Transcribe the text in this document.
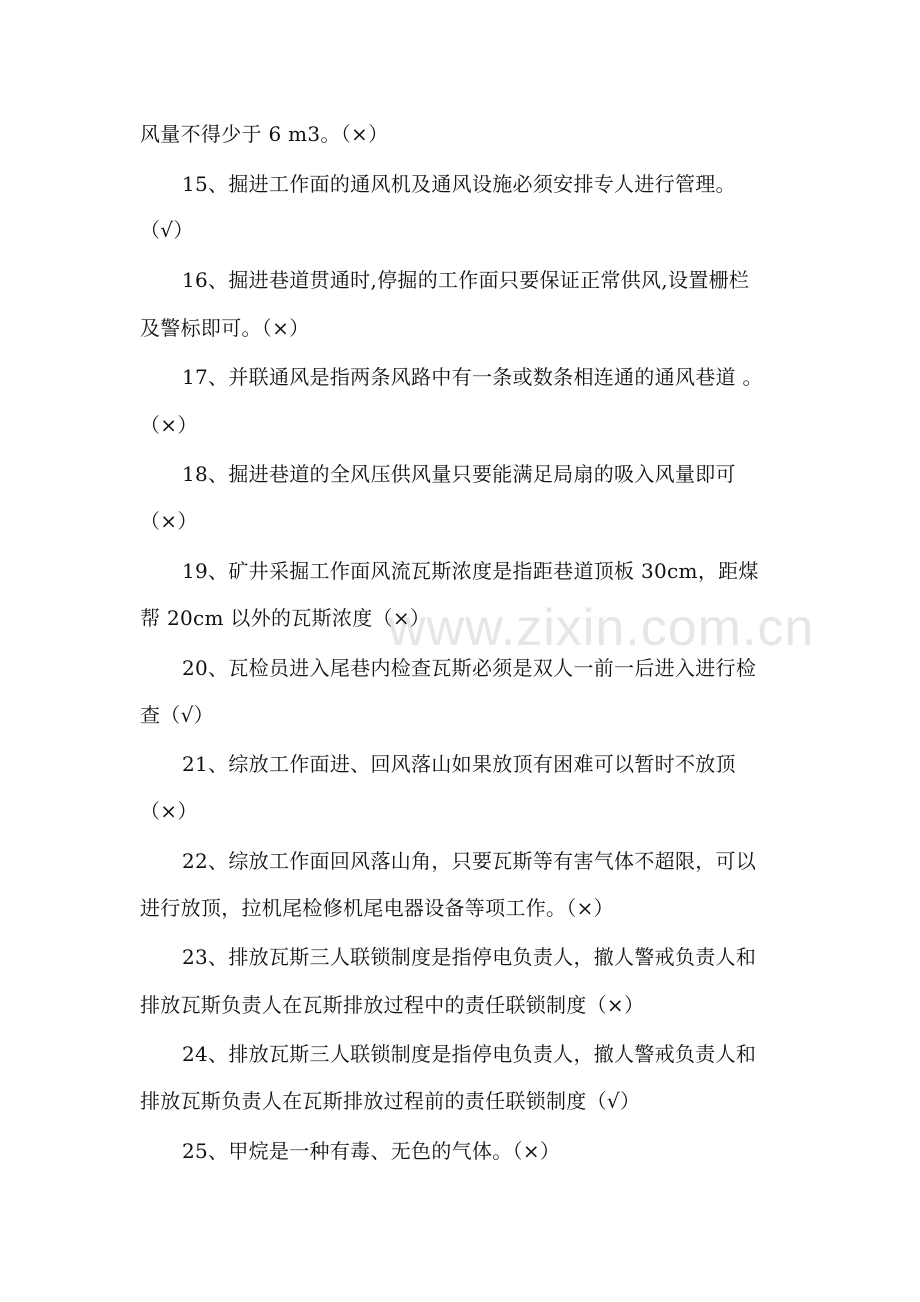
www.zixin.com.cn
风量不得少于 6 m3。（×）
15、掘进工作面的通风机及通风设施必须安排专人进行管理。
（√）
16、掘进巷道贯通时,停掘的工作面只要保证正常供风,设置栅栏
及警标即可。（×）
17、并联通风是指两条风路中有一条或数条相连通的通风巷道 。
（×）
18、掘进巷道的全风压供风量只要能满足局扇的吸入风量即可
（×）
19、矿井采掘工作面风流瓦斯浓度是指距巷道顶板 30cm，距煤
帮 20cm 以外的瓦斯浓度（×）
20、瓦检员进入尾巷内检查瓦斯必须是双人一前一后进入进行检
查（√）
21、综放工作面进、回风落山如果放顶有困难可以暂时不放顶
（×）
22、综放工作面回风落山角，只要瓦斯等有害气体不超限，可以
进行放顶，拉机尾检修机尾电器设备等项工作。（×）
23、排放瓦斯三人联锁制度是指停电负责人，撤人警戒负责人和
排放瓦斯负责人在瓦斯排放过程中的责任联锁制度（×）
24、排放瓦斯三人联锁制度是指停电负责人，撤人警戒负责人和
排放瓦斯负责人在瓦斯排放过程前的责任联锁制度（√）
25、甲烷是一种有毒、无色的气体。（×）
